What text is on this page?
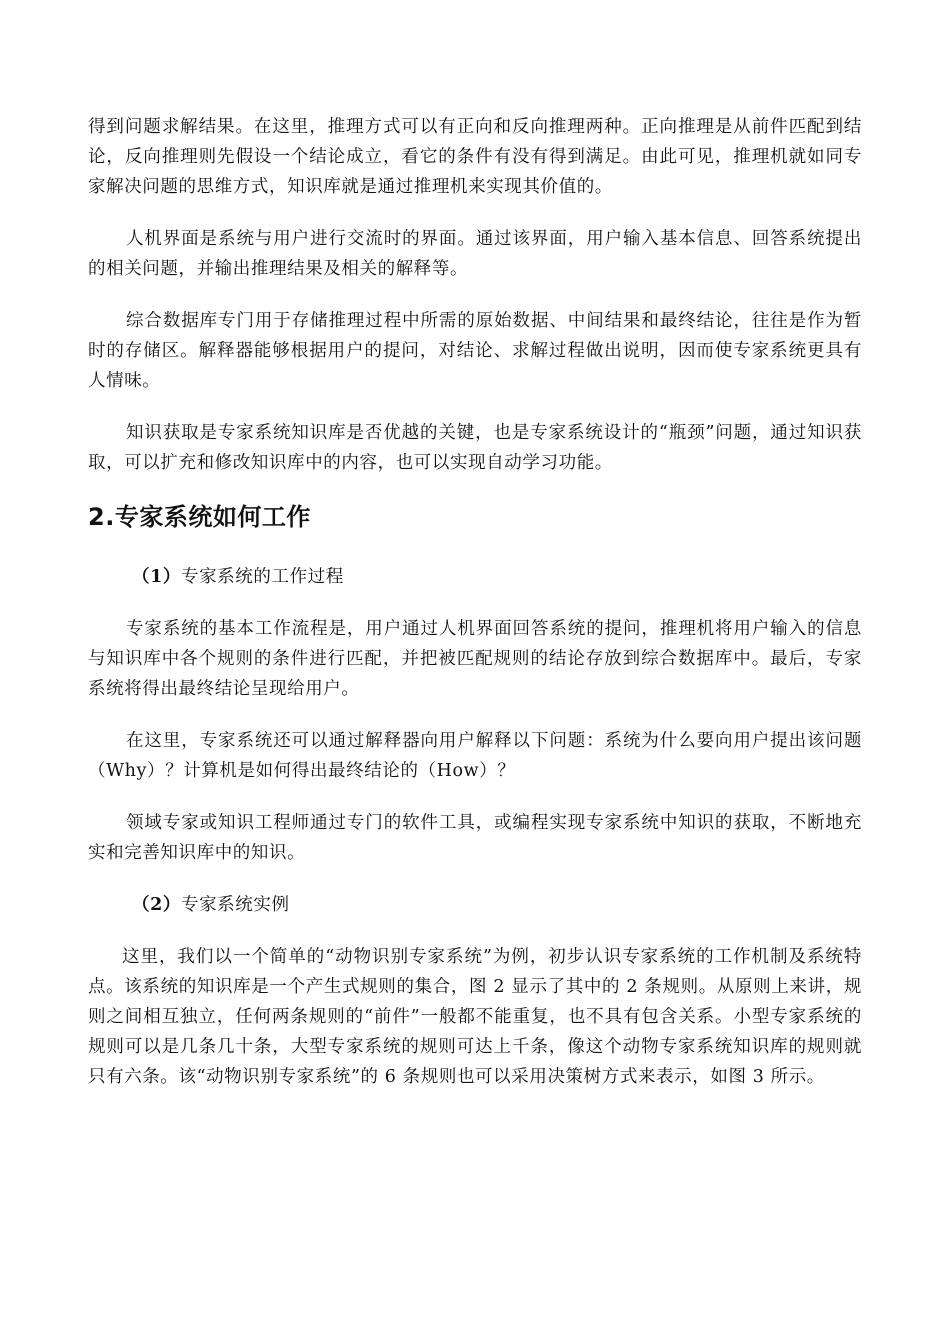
得到问题求解结果。在这里，推理方式可以有正向和反向推理两种。正向推理是从前件匹配到结论，反向推理则先假设一个结论成立，看它的条件有没有得到满足。由此可见，推理机就如同专家解决问题的思维方式，知识库就是通过推理机来实现其价值的。

人机界面是系统与用户进行交流时的界面。通过该界面，用户输入基本信息、回答系统提出的相关问题，并输出推理结果及相关的解释等。

综合数据库专门用于存储推理过程中所需的原始数据、中间结果和最终结论，往往是作为暂时的存储区。解释器能够根据用户的提问，对结论、求解过程做出说明，因而使专家系统更具有人情味。

知识获取是专家系统知识库是否优越的关键，也是专家系统设计的“瓶颈”问题，通过知识获取，可以扩充和修改知识库中的内容，也可以实现自动学习功能。

2.专家系统如何工作

（1）专家系统的工作过程

专家系统的基本工作流程是，用户通过人机界面回答系统的提问，推理机将用户输入的信息与知识库中各个规则的条件进行匹配，并把被匹配规则的结论存放到综合数据库中。最后，专家系统将得出最终结论呈现给用户。

在这里，专家系统还可以通过解释器向用户解释以下问题：系统为什么要向用户提出该问题（Why）？计算机是如何得出最终结论的（How）？

领域专家或知识工程师通过专门的软件工具，或编程实现专家系统中知识的获取，不断地充实和完善知识库中的知识。

（2）专家系统实例

这里，我们以一个简单的“动物识别专家系统”为例，初步认识专家系统的工作机制及系统特点。该系统的知识库是一个产生式规则的集合，图 2 显示了其中的 2 条规则。从原则上来讲，规则之间相互独立，任何两条规则的“前件”一般都不能重复，也不具有包含关系。小型专家系统的规则可以是几条几十条，大型专家系统的规则可达上千条，像这个动物专家系统知识库的规则就只有六条。该“动物识别专家系统”的 6 条规则也可以采用决策树方式来表示，如图 3 所示。
